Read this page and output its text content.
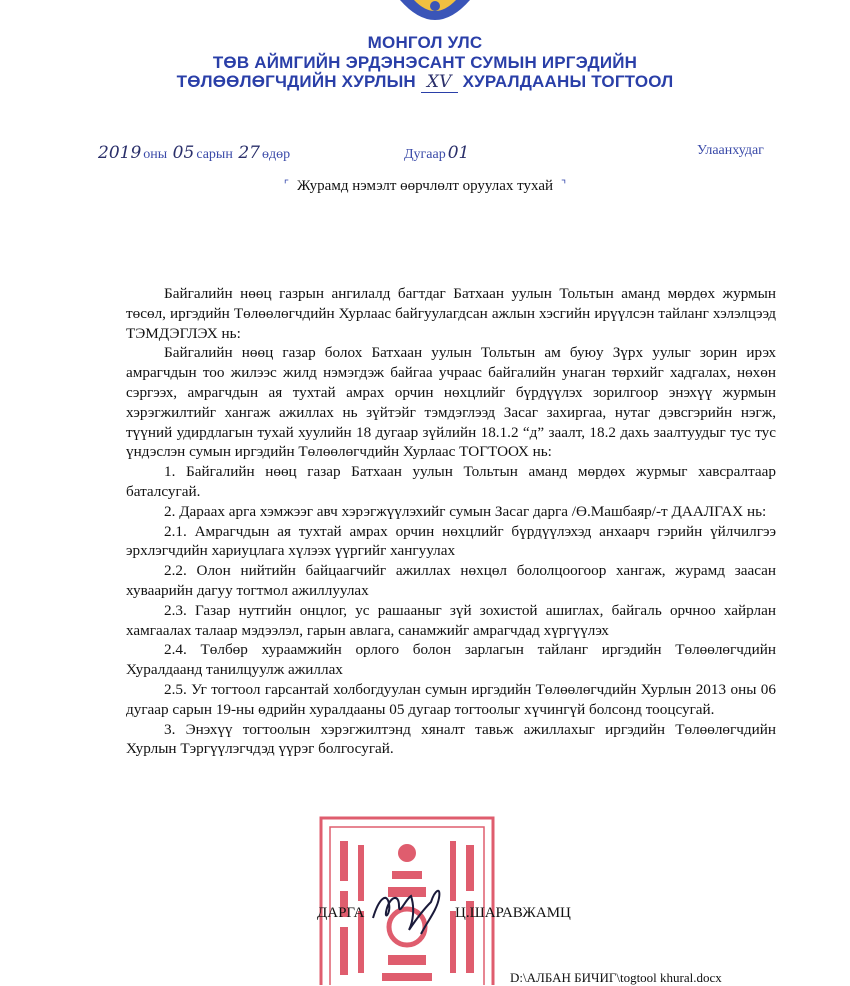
МОНГОЛ УЛС
ТӨВ АЙМГИЙН ЭРДЭНЭСАНТ СУМЫН ИРГЭДИЙН
ТӨЛӨӨЛӨГЧДИЙН ХУРЛЫН XV ХУРАЛДААНЫ ТОГТООЛ
2019 оны 05 сарын 27 өдөр	Дугаар 01	Улаанхудаг
⌜ Журамд нэмэлт өөрчлөлт оруулах тухай ⌝

Байгалийн нөөц газрын ангилалд багтдаг Батхаан уулын Тольтын аманд мөрдөх журмын төсөл, иргэдийн Төлөөлөгчдийн Хурлаас байгуулагдсан ажлын хэсгийн ирүүлсэн тайланг хэлэлцээд ТЭМДЭГЛЭХ нь:

Байгалийн нөөц газар болох Батхаан уулын Тольтын ам буюу Зүрх уулыг зорин ирэх амрагчдын тоо жилээс жилд нэмэгдэж байгаа учраас байгалийн унаган төрхийг хадгалах, нөхөн сэргээх, амрагчдын ая тухтай амрах орчин нөхцлийг бүрдүүлэх зорилгоор энэхүү журмын хэрэгжилтийг хангаж ажиллах нь зүйтэйг тэмдэглээд Засаг захиргаа, нутаг дэвсгэрийн нэгж, түүний удирдлагын тухай хуулийн 18 дугаар зүйлийн 18.1.2 “д” заалт, 18.2 дахь заалтуудыг тус тус үндэслэн сумын иргэдийн Төлөөлөгчдийн Хурлаас ТОГТООХ нь:

1. Байгалийн нөөц газар Батхаан уулын Тольтын аманд мөрдөх журмыг хавсралтаар баталсугай.

2. Дараах арга хэмжээг авч хэрэгжүүлэхийг сумын Засаг дарга /Ө.Машбаяр/-т ДААЛГАХ нь:

2.1. Амрагчдын ая тухтай амрах орчин нөхцлийг бүрдүүлэхэд анхаарч гэрийн үйлчилгээ эрхлэгчдийн хариуцлага хүлээх үүргийг хангуулах

2.2. Олон нийтийн байцаагчийг ажиллах нөхцөл бололцоогоор хангаж, журамд заасан хуваарийн дагуу тогтмол ажиллуулах

2.3. Газар нутгийн онцлог, ус рашааныг зүй зохистой ашиглах, байгаль орчноо хайрлан хамгаалах талаар мэдээлэл, гарын авлага, санамжийг амрагчдад хүргүүлэх

2.4. Төлбөр хураамжийн орлого болон зарлагын тайланг иргэдийн Төлөөлөгчдийн Хуралдаанд танилцуулж ажиллах

2.5. Уг тогтоол гарсантай холбогдуулан сумын иргэдийн Төлөөлөгчдийн Хурлын 2013 оны 06 дугаар сарын 19-ны өдрийн хуралдааны 05 дугаар тогтоолыг хүчингүй болсонд тооцсугай.

3. Энэхүү тогтоолын хэрэгжилтэнд хяналт тавьж ажиллахыг иргэдийн Төлөөлөгчдийн Хурлын Тэргүүлэгчдэд үүрэг болгосугай.

ДАРГА	Ц.ШАРАВЖАМЦ
D:\АЛБАН БИЧИГ\togtool khural.docx
